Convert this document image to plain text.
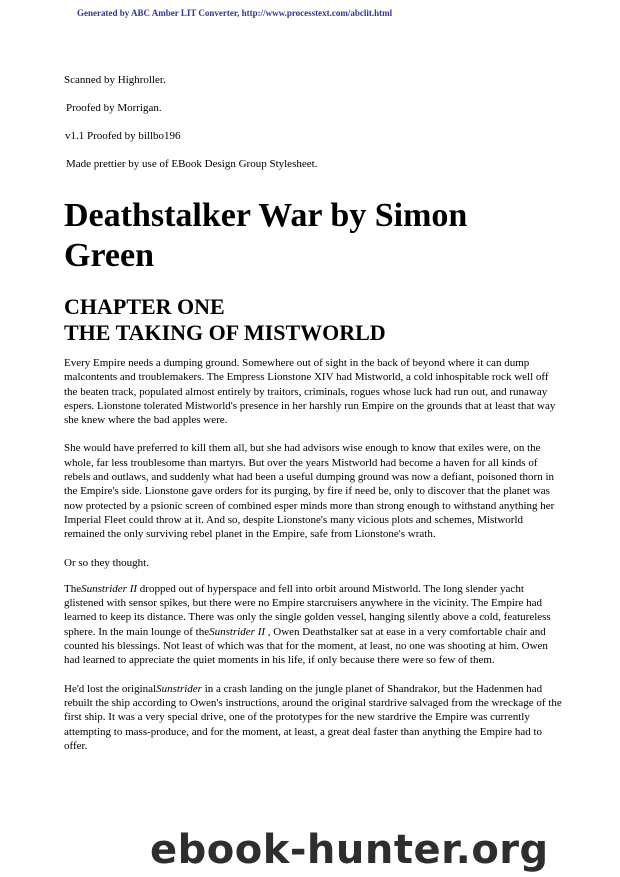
Generated by ABC Amber LIT Converter, http://www.processtext.com/abclit.html

Scanned by Highroller.

Proofed by Morrigan.

v1.1 Proofed by billbo196

Made prettier by use of EBook Design Group Stylesheet.

Deathstalker War by Simon Green
CHAPTER ONE
THE TAKING OF MISTWORLD

Every Empire needs a dumping ground. Somewhere out of sight in the back of beyond where it can dump malcontents and troublemakers. The Empress Lionstone XIV had Mistworld, a cold inhospitable rock well off the beaten track, populated almost entirely by traitors, criminals, rogues whose luck had run out, and runaway espers. Lionstone tolerated Mistworld's presence in her harshly run Empire on the grounds that at least that way she knew where the bad apples were.

She would have preferred to kill them all, but she had advisors wise enough to know that exiles were, on the whole, far less troublesome than martyrs. But over the years Mistworld had become a haven for all kinds of rebels and outlaws, and suddenly what had been a useful dumping ground was now a defiant, poisoned thorn in the Empire's side. Lionstone gave orders for its purging, by fire if need be, only to discover that the planet was now protected by a psionic screen of combined esper minds more than strong enough to withstand anything her Imperial Fleet could throw at it. And so, despite Lionstone's many vicious plots and schemes, Mistworld remained the only surviving rebel planet in the Empire, safe from Lionstone's wrath.

Or so they thought.

TheSunstrider II dropped out of hyperspace and fell into orbit around Mistworld. The long slender yacht glistened with sensor spikes, but there were no Empire starcruisers anywhere in the vicinity. The Empire had learned to keep its distance. There was only the single golden vessel, hanging silently above a cold, featureless sphere. In the main lounge of theSunstrider II , Owen Deathstalker sat at ease in a very comfortable chair and counted his blessings. Not least of which was that for the moment, at least, no one was shooting at him. Owen had learned to appreciate the quiet moments in his life, if only because there were so few of them.

He'd lost the originalSunstrider in a crash landing on the jungle planet of Shandrakor, but the Hadenmen had rebuilt the ship according to Owen's instructions, around the original stardrive salvaged from the wreckage of the first ship. It was a very special drive, one of the prototypes for the new stardrive the Empire was currently attempting to mass-produce, and for the moment, at least, a great deal faster than anything the Empire had to offer.

ebook-hunter.org
